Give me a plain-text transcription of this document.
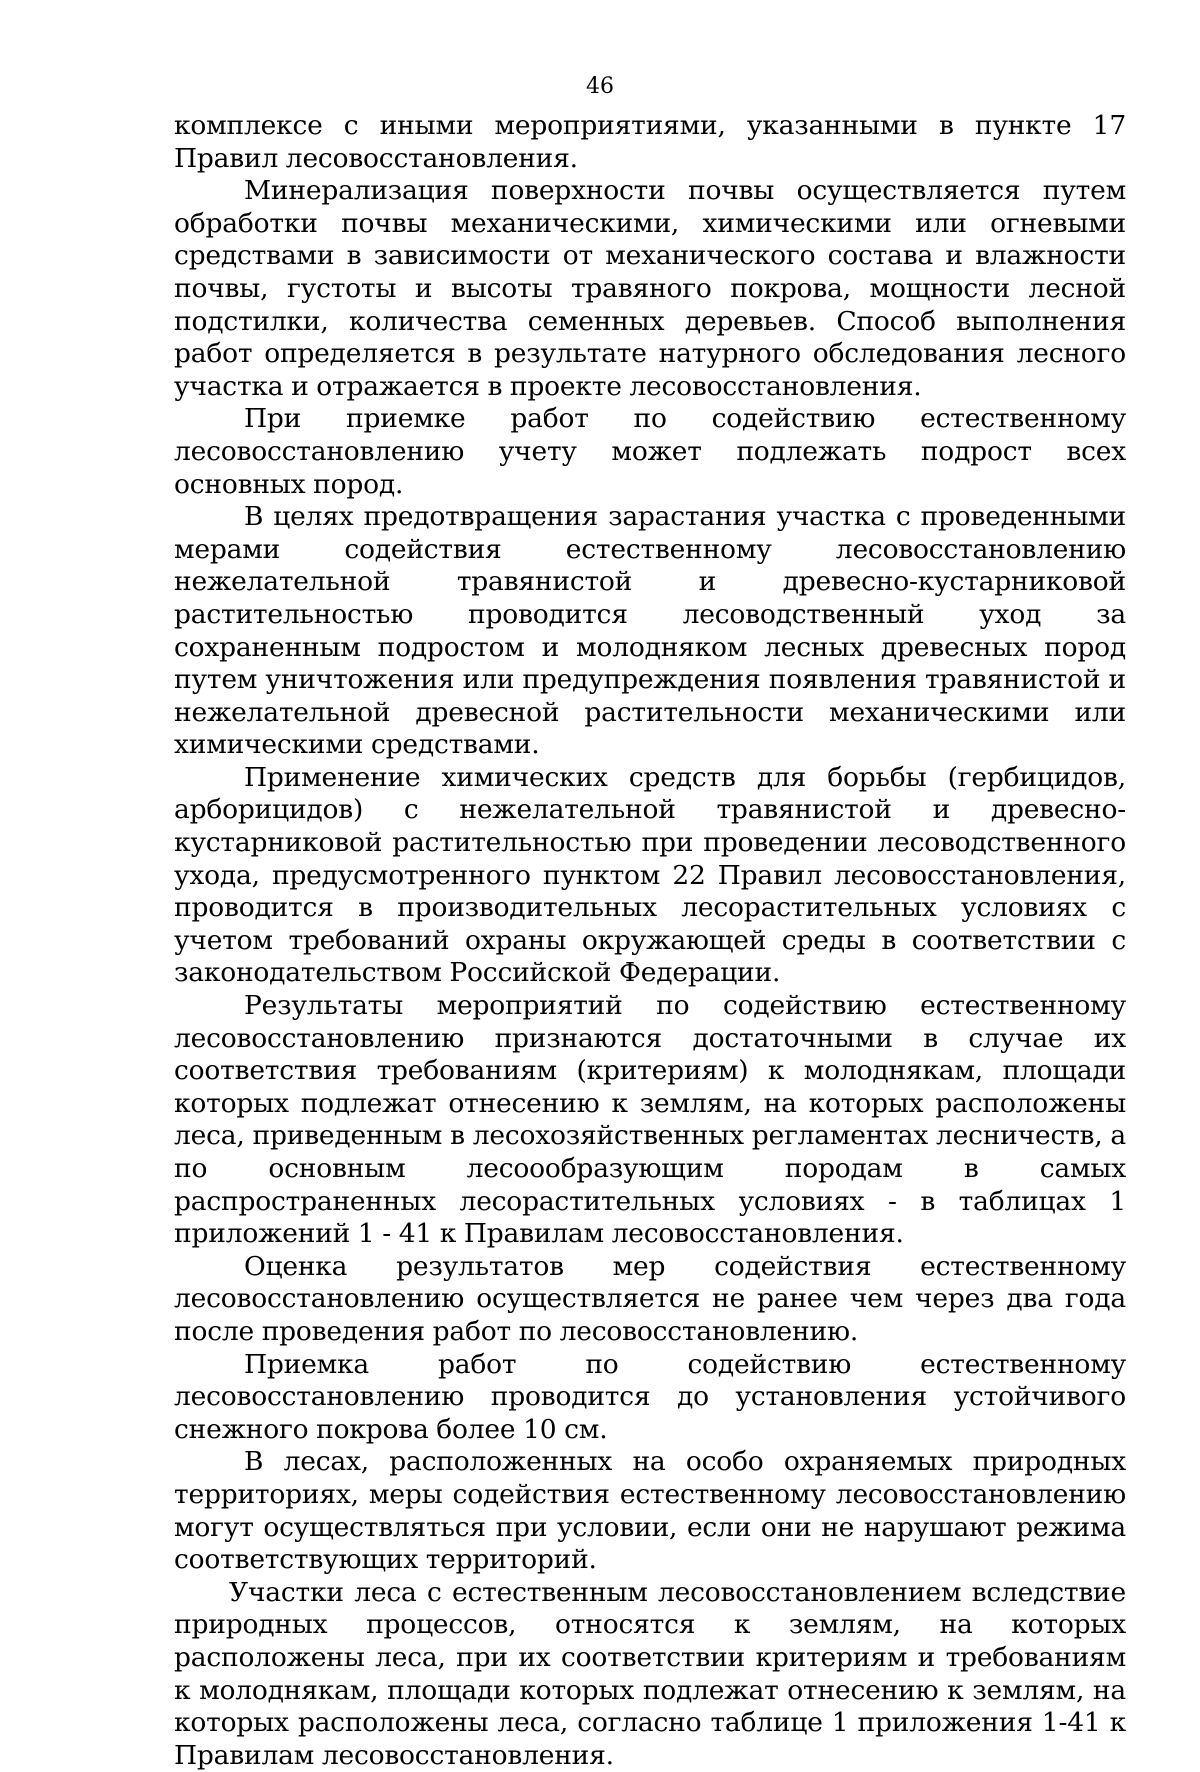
46

комплексе с иными мероприятиями, указанными в пункте 17 Правил лесовосстановления.

Минерализация поверхности почвы осуществляется путем обработки почвы механическими, химическими или огневыми средствами в зависимости от механического состава и влажности почвы, густоты и высоты травяного покрова, мощности лесной подстилки, количества семенных деревьев. Способ выполнения работ определяется в результате натурного обследования лесного участка и отражается в проекте лесовосстановления.

При приемке работ по содействию естественному лесовосстановлению учету может подлежать подрост всех основных пород.

В целях предотвращения зарастания участка с проведенными мерами содействия естественному лесовосстановлению нежелательной травянистой и древесно-кустарниковой растительностью проводится лесоводственный уход за сохраненным подростом и молодняком лесных древесных пород путем уничтожения или предупреждения появления травянистой и нежелательной древесной растительности механическими или химическими средствами.

Применение химических средств для борьбы (гербицидов, арборицидов) с нежелательной травянистой и древесно-кустарниковой растительностью при проведении лесоводственного ухода, предусмотренного пунктом 22 Правил лесовосстановления, проводится в производительных лесорастительных условиях с учетом требований охраны окружающей среды в соответствии с законодательством Российской Федерации.

Результаты мероприятий по содействию естественному лесовосстановлению признаются достаточными в случае их соответствия требованиям (критериям) к молоднякам, площади которых подлежат отнесению к землям, на которых расположены леса, приведенным в лесохозяйственных регламентах лесничеств, а по основным лесоообразующим породам в самых распространенных лесорастительных условиях - в таблицах 1 приложений 1 - 41 к Правилам лесовосстановления.

Оценка результатов мер содействия естественному лесовосстановлению осуществляется не ранее чем через два года после проведения работ по лесовосстановлению.

Приемка работ по содействию естественному лесовосстановлению проводится до установления устойчивого снежного покрова более 10 см.

В лесах, расположенных на особо охраняемых природных территориях, меры содействия естественному лесовосстановлению могут осуществляться при условии, если они не нарушают режима соответствующих территорий.

Участки леса с естественным лесовосстановлением вследствие природных процессов, относятся к землям, на которых расположены леса, при их соответствии критериям и требованиям к молоднякам, площади которых подлежат отнесению к землям, на которых расположены леса, согласно таблице 1 приложения 1-41 к Правилам лесовосстановления.
